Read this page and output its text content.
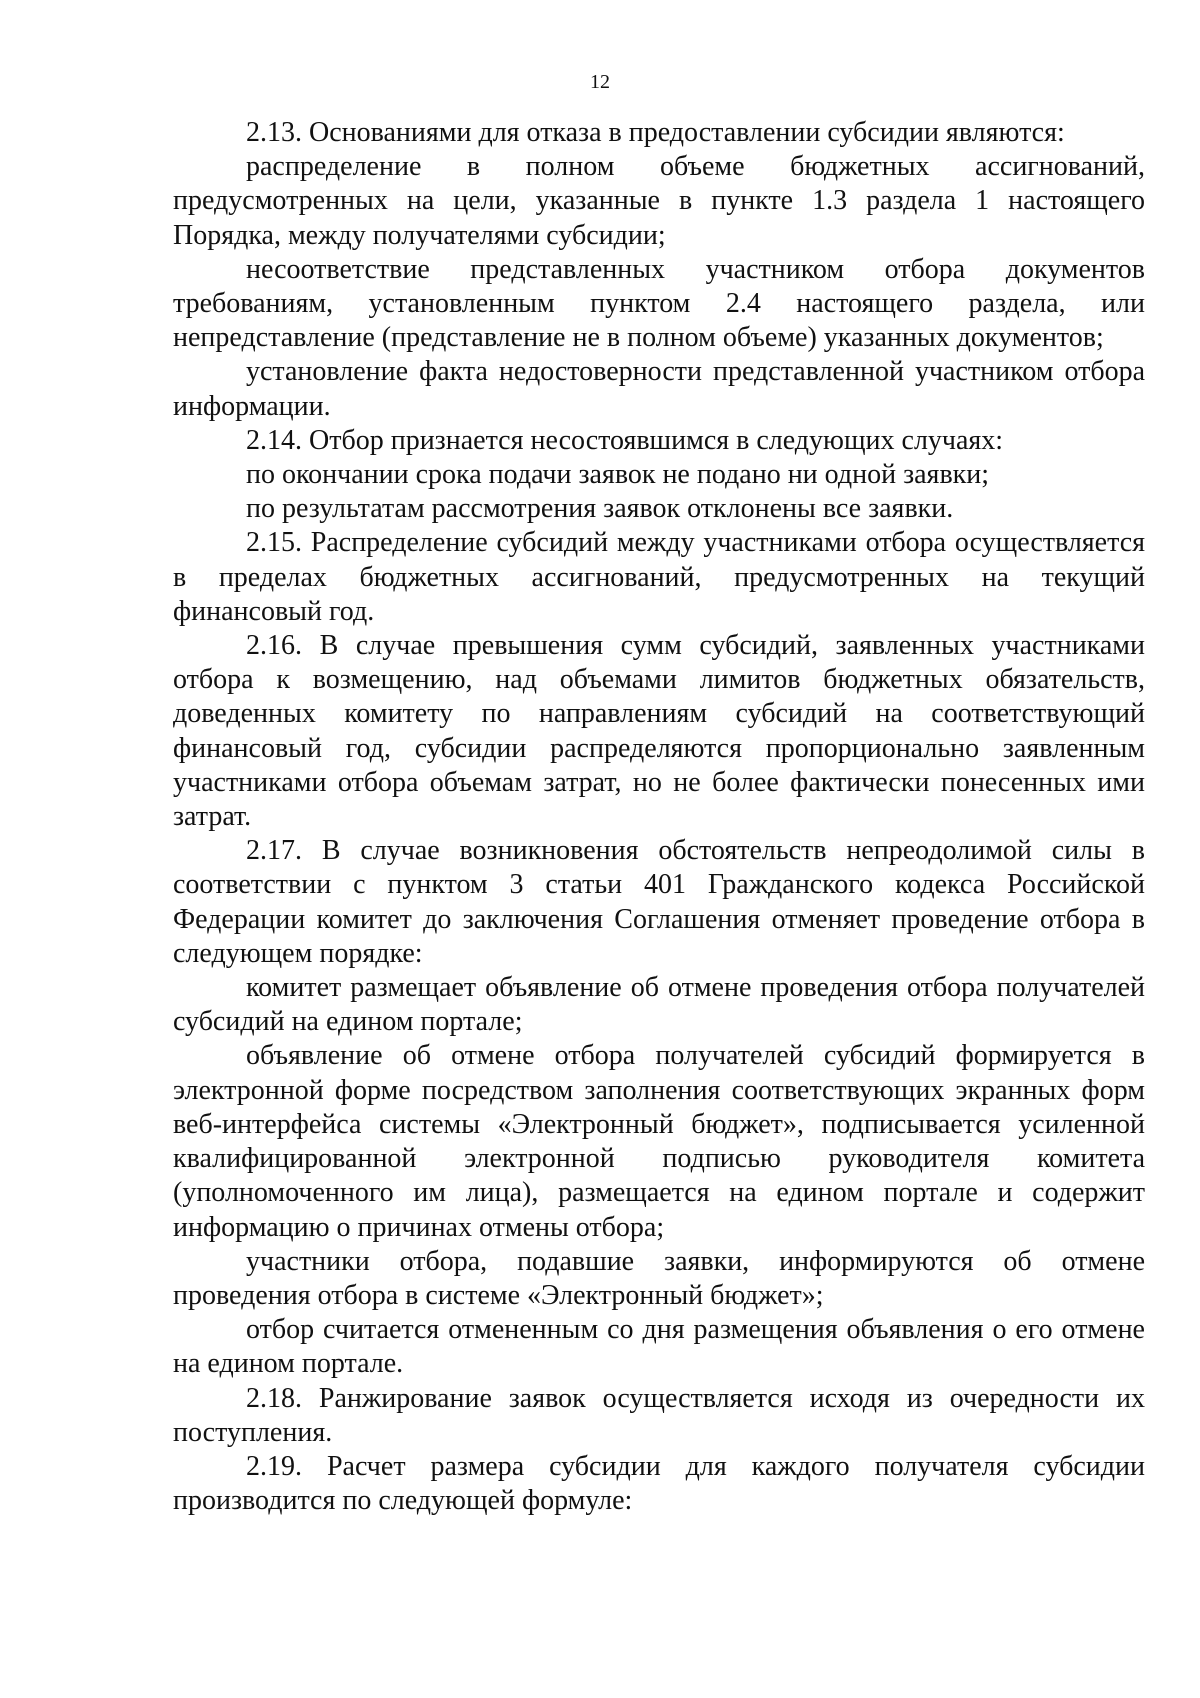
12

2.13. Основаниями для отказа в предоставлении субсидии являются:

распределение в полном объеме бюджетных ассигнований, предусмотренных на цели, указанные в пункте 1.3 раздела 1 настоящего Порядка, между получателями субсидии;

несоответствие представленных участником отбора документов требованиям, установленным пунктом 2.4 настоящего раздела, или непредставление (представление не в полном объеме) указанных документов;

установление факта недостоверности представленной участником отбора информации.

2.14. Отбор признается несостоявшимся в следующих случаях:

по окончании срока подачи заявок не подано ни одной заявки;

по результатам рассмотрения заявок отклонены все заявки.

2.15. Распределение субсидий между участниками отбора осуществляется в пределах бюджетных ассигнований, предусмотренных на текущий финансовый год.

2.16. В случае превышения сумм субсидий, заявленных участниками отбора к возмещению, над объемами лимитов бюджетных обязательств, доведенных комитету по направлениям субсидий на соответствующий финансовый год, субсидии распределяются пропорционально заявленным участниками отбора объемам затрат, но не более фактически понесенных ими затрат.

2.17. В случае возникновения обстоятельств непреодолимой силы в соответствии с пунктом 3 статьи 401 Гражданского кодекса Российской Федерации комитет до заключения Соглашения отменяет проведение отбора в следующем порядке:

комитет размещает объявление об отмене проведения отбора получателей субсидий на едином портале;

объявление об отмене отбора получателей субсидий формируется в электронной форме посредством заполнения соответствующих экранных форм веб-интерфейса системы «Электронный бюджет», подписывается усиленной квалифицированной электронной подписью руководителя комитета (уполномоченного им лица), размещается на едином портале и содержит информацию о причинах отмены отбора;

участники отбора, подавшие заявки, информируются об отмене проведения отбора в системе «Электронный бюджет»;

отбор считается отмененным со дня размещения объявления о его отмене на едином портале.

2.18. Ранжирование заявок осуществляется исходя из очередности их поступления.

2.19. Расчет размера субсидии для каждого получателя субсидии производится по следующей формуле:
